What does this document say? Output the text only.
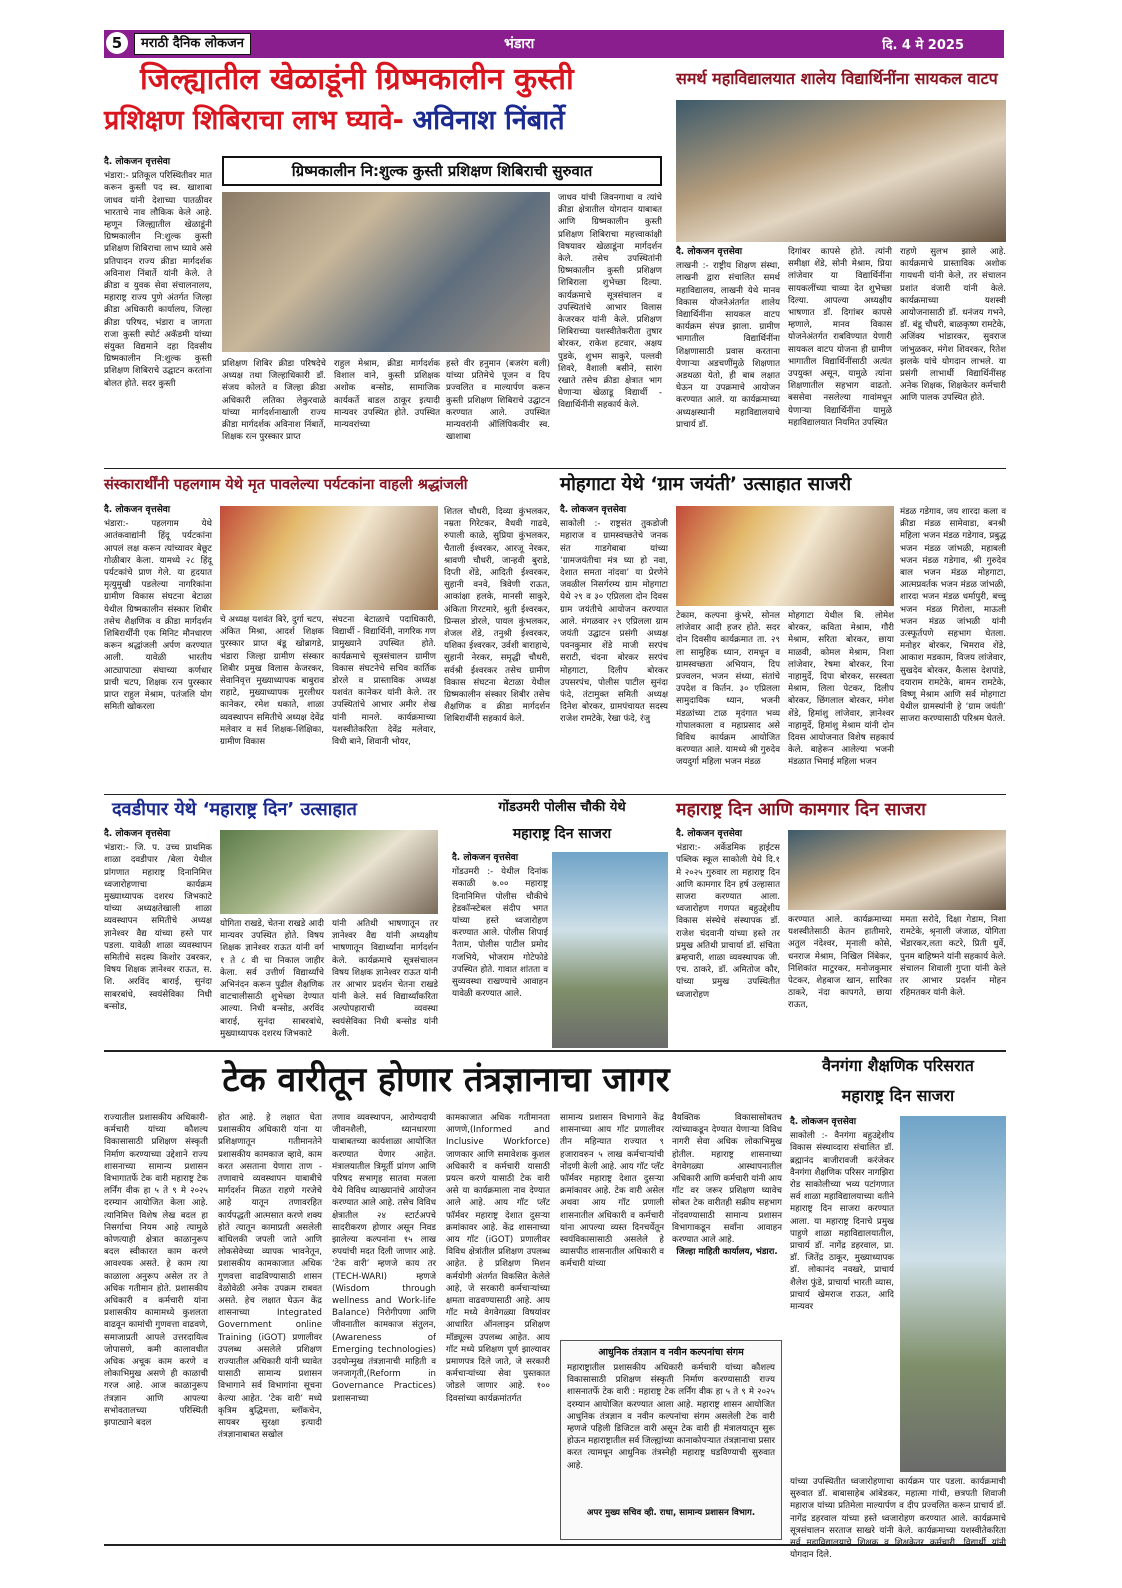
5	मराठी दैनिक लोकजन	भंडारा	दि. 4 मे 2025
जिल्ह्यातील खेळाडूंनी ग्रिष्मकालीन कुस्ती
प्रशिक्षण शिबिराचा लाभ घ्यावे- अविनाश निंबार्ते
ग्रिष्मकालीन नि:शुल्क कुस्ती प्रशिक्षण शिबिराची सुरुवात
दै. लोकजन वृत्तसेवा
भंडारा:- प्रतिकूल परिस्थितीवर मात करून कुस्ती पद स्व. खाशाबा जाधव यांनी देशाच्या पातळीवर भारताचे नाव लौकिक केले आहे. म्हणून जिल्ह्यातील खेळाडूंनी ग्रिष्मकालीन नि:शुल्क कुस्ती प्रशिक्षण शिबिराचा लाभ घ्यावे असे प्रतिपादन राज्य क्रीडा मार्गदर्शक अविनाश निंबार्ते यांनी केले. ते क्रीडा व युवक सेवा संचालनालय, महाराष्ट्र राज्य पुणे अंतर्गत जिल्हा क्रीडा अधिकारी कार्यालय, जिल्हा क्रीडा परिषद, भंडारा व जागता राजा कुस्ती स्पोर्ट अकॅडमी यांच्या संयुक्त विद्यमाने दहा दिवसीय ग्रिष्मकालीन नि:शुल्क कुस्ती प्रशिक्षण शिबिराचे उद्घाटन करतांना बोलत होते. सदर कुस्ती
प्रशिक्षण शिबिर क्रीडा परिषदेचे अध्यक्ष तथा जिल्हाधिकारी डॉ. संजय कोलते व जिल्हा क्रीडा अधिकारी लतिका लेकुरवाळे यांच्या मार्गदर्शनाखाली राज्य क्रीडा मार्गदर्शक अविनाश निंबार्ते, शिक्षक रत्न पुरस्कार प्राप्त
राहुल मेश्राम, क्रीडा मार्गदर्शक विशाल वाने, कुस्ती प्रशिक्षक अशोक बन्सोड, सामाजिक कार्यकर्ते बाडल ठाकूर इत्यादी मान्यवर उपस्थित होते. उपस्थित मान्यवरांच्या
हस्ते वीर हनुमान (बजरंग बली) यांच्या प्रतिमेचे पूजन व दिप प्रज्वलित व माल्यार्पण करून कुस्ती प्रशिक्षण शिबिराचे उद्घाटन करण्यात आले. उपस्थित मान्यवरांनी ऑलिंपिकवीर स्व. खाशाबा
जाधव यांची जिवनगाथा व त्यांचे क्रीडा क्षेत्रातील योगदान याबाबत आणि ग्रिष्मकालीन कुस्ती प्रशिक्षण शिबिराचा महत्त्वाकांक्षी विषयावर खेळाडूंना मार्गदर्शन केले. तसेच उपस्थितांनी ग्रिष्मकालीन कुस्ती प्रशिक्षण शिबिराला शुभेच्छा दिल्या. कार्यक्रमाचे सूत्रसंचालन व उपस्थितांचे आभार विलास केजरकर यांनी केले. प्रशिक्षण शिबिराच्या यशस्वीतेकरीता तुषार बोरकर, राकेश हटवार, अक्षय पुडके, शुभम साकुरे, पल्लवी शिवरे, वैशाली बसीने, सारंग रखाते तसेच क्रीडा क्षेत्रात भाग घेणाऱ्या खेळाडू विद्यार्थी - विद्यार्थिनींनी सहकार्य केले.
समर्थ महाविद्यालयात शालेय विद्यार्थिनींना सायकल वाटप
दै. लोकजन वृत्तसेवा
लाखनी :- राष्ट्रीय शिक्षण संस्था, लाखनी द्वारा संचालित समर्थ महाविद्यालय, लाखनी येथे मानव विकास योजनेअंतर्गत शालेय विद्यार्थिनींना सायकल वाटप कार्यक्रम संपन्न झाला. ग्रामीण भागातील विद्यार्थिनींना शिक्षणासाठी प्रवास करताना येणाऱ्या अडचणींमुळे शिक्षणात अडथळा येतो, ही बाब लक्षात घेऊन या उपक्रमाचे आयोजन करण्यात आले. या कार्यक्रमाच्या अध्यक्षस्थानी महाविद्यालयाचे प्राचार्य डॉ.
दिगांबर कापसे होते. त्यांनी समीक्षा शेंडे, सोनी मेश्राम, प्रिया लांजेवार या विद्यार्थिनींना सायकलींच्या चाव्या देत शुभेच्छा दिल्या. आपल्या अध्यक्षीय भाषणात डॉ. दिगांबर कापसे म्हणाले, मानव विकास योजनेअंतर्गत राबविण्यात येणारी सायकल वाटप योजना ही ग्रामीण भागातील विद्यार्थिनींसाठी अत्यंत उपयुक्त असून, यामुळे त्यांना शिक्षणातील सहभाग वाढतो. बससेवा नसलेल्या गावांमधून येणाऱ्या विद्यार्थिनींना यामुळे महाविद्यालयात नियमित उपस्थित
राहणे सुलभ झाले आहे. कार्यक्रमाचे प्रास्ताविक अशोक गायधनी यांनी केले, तर संचालन प्रशांत वंजारी यांनी केले. कार्यक्रमाच्या यशस्वी आयोजनासाठी डॉ. धनंजय गभने, डॉ. बंडू चौधरी, बाळकृष्ण रामटेके, अजिंक्य भांडारकर, सुवराज जांभुळकर, मंगेश शिवरकर, रितेश झलके यांचे योगदान लाभले. या प्रसंगी लाभार्थी विद्यार्थिनींसह अनेक शिक्षक, शिक्षकेतर कर्मचारी आणि पालक उपस्थित होते.
संस्कारार्थींनी पहलगाम येथे मृत पावलेल्या पर्यटकांना वाहली श्रद्धांजली
दै. लोकजन वृत्तसेवा
भंडारा:- पहलगाम येथे आतंकवाद्यांनी हिंदू पर्यटकांना आपलं लक्ष करून त्यांच्यावर बेछूट गोळीबार केला. यामध्ये २८ हिंदू पर्यटकांचे प्राण गेले. या हृदयात मृत्युमुखी पडलेल्या नागरिकांना ग्रामीण विकास संघटना बेटाळा येथील ग्रिष्मकालीन संस्कार शिबीर तसेच शैक्षणिक व क्रीडा मार्गदर्शन शिबिरार्थींनी एक मिनिट मौनधारण करून श्रद्धांजली अर्पण करण्यात आली. यावेळी भारतीय आट्यापाट्या संघाच्या कर्णधार प्राची चटप, शिक्षक रत्न पुरस्कार प्राप्त राहुल मेश्राम, पतंजलि योग समिती खोकरला
चे अध्यक्ष यशवंत बिरे, दुर्गा चटप, अंकित मिश्रा, आदर्श शिक्षक पुरस्कार प्राप्त बंडू खोब्रागडे, भंडारा जिल्हा ग्रामीण संस्कार शिबीर प्रमुख विलास केजरकर, सेवानिवृत्त मुख्याध्यापक बाबुराव राहाटे, मुख्याध्यापक मुरलीधर कानेकर, रमेश धकाते, शाळा व्यवस्थापन समितीचे अध्यक्ष देवेंद्र मलेवार व सर्व शिक्षक-शिक्षिका, ग्रामीण विकास
संघटना बेटाळाचे पदाधिकारी, विद्यार्थी - विद्यार्थिनी, नागरिक गण प्रामुख्याने उपस्थित होते. कार्यक्रमाचे सूत्रसंचालन ग्रामीण विकास संघटनेचे सचिव कार्तिक डोरले व प्रास्ताविक अध्यक्ष यशवंत कानेकर यांनी केले. तर उपस्थितांचे आभार अमीर शेख यांनी मानले. कार्यक्रमाच्या यशस्वीतेकरिता देवेंद्र मलेवार, विधी बाने, शिवानी भोयर,
शितल चौधरी, दिव्या कुंभलकर, नम्रता गिरेटकर, वैधवी गाढवे, रुपाली काळे, सुप्रिया कुंभलकर, चैताली ईश्वरकर, आरजू नेरकर, श्रावणी चौधरी, जान्हवी बुराडे, दिप्ती शेंडे, आदिती ईश्वरकर, सुहानी वनवे, त्रिवेणी राऊत, आकांक्षा हलके, मानसी साकुरे, अंकिता गिरटमारे, श्रुती ईश्वरकर, प्रिन्सल डोरले, पायल कुंभलकर, शेजल शेंडे, तनुश्री ईश्वरकर, यशिका ईश्वरकर, उर्वशी बाराहाथे, सुहानी नेरकर, समृद्धी चौधरी, सर्वश्री ईश्वरकर तसेच ग्रामीण विकास संघटना बेटाळा येथील ग्रिष्मकालीन संस्कार शिबीर तसेच शैक्षणिक व क्रीडा मार्गदर्शन शिबिरार्थींनी सहकार्य केले.
मोहगाटा येथे ‘ग्राम जयंती’ उत्साहात साजरी
दै. लोकजन वृत्तसेवा
साकोली :- राष्ट्रसंत तुकडोजी महाराज व ग्रामस्वच्छतेचे जनक संत गाडगेबाबा यांच्या ‘ग्रामजयंतीचा मंत्र घ्या हो नवा, देशात समता नांदवा’ या प्रेरणेने जवळील निसर्गरम्य ग्राम मोहगाटा येथे २९ व ३० एप्रिलला दोन दिवस ग्राम जयंतीचे आयोजन करण्यात आले. मंगळवार २९ एप्रिलला ग्राम जयंती उद्घाटन प्रसंगी अध्यक्ष पवनकुमार शेंडे माजी सरपंच सराटी, चंदना बोरकर सरपंच मोहगाटा, दिलीप बोरकर उपसरपंच, पोलीस पाटील सुनंदा फंदे, तंटामुक्त समिती अध्यक्ष दिनेश बोरकर, ग्रामपंचायत सदस्य राजेश रामटेके, रेखा फंदे, रंजु
टेकाम, कल्पना कुंभरे, सोनल लांजेवार आदी हजर होते. सदर दोन दिवसीय कार्यक्रमात ता. २९ ला सामुहिक ध्यान, रामधून व ग्रामस्वच्छता अभियान, दिप प्रज्वलन, भजन संध्या, संतांचे उपदेश व किर्तन. ३० एप्रिलला सामुदायिक ध्यान, भजनी मंडळांच्या टाळ मृदंगात भव्य गोपालकाला व महाप्रसाद असे विविध कार्यक्रम आयोजित करण्यात आले. यामध्ये श्री गुरुदेव जयदुर्गा महिला भजन मंडळ
मोहगाटा येथील बि. लोमेश बोरकर, कविता मेश्राम, गौरी मेश्राम, सरिता बोरकर, छाया माळवी, कोमल मेश्राम, निशा लांजेवार, रेषमा बोरकर, रिना नाहामुर्दे, दिपा बोरकर, सरस्वता मेश्राम, लिला पेटकर, दिलीप बोरकर, छिंगलाल बोरकर, मंगेश शेंडे, हिमांशु लांजेवार, ज्ञानेश्वर नाहामुर्दे, हिमांशु मेश्राम यांनी दोन दिवस आयोजनात विशेष सहकार्य केले. बाहेरून आलेल्या भजनी मंडळात भिमाई महिला भजन
मंडळ गडेगाव, जय शारदा कला व क्रीडा मंडळ सामेवाडा, बनश्री महिला भजन मंडळ गडेगाव, प्रबुद्ध भजन मंडळ जांभळी, महाबली भजन मंडळ गडेगाव, श्री गुरुदेव बाल भजन मंडळ मोहगाटा, आत्मप्रवर्तक भजन मंडळ जांभळी, शारदा भजन मंडळ धर्मापुरी, बच्चु भजन मंडळ गिरोला, माऊली भजन मंडळ जांभळी यांनी उत्स्फूर्तपणे सहभाग घेतला. मनोहर बोरकर, भिमराव शेंडे, आकाश मडकाम, विजय लांजेवार, सुखदेव बोरकर, कैलास देशपांडे, दयाराम रामटेके, बामन रामटेके, विष्णू मेश्राम आणि सर्व मोहगाटा येथील ग्रामस्थांनी हे ‘ग्राम जयंती’ साजरा करण्यासाठी परिश्रम घेतले.
दवडीपार येथे ‘महाराष्ट्र दिन’ उत्साहात
दै. लोकजन वृत्तसेवा
भंडारा:- जि. प. उच्च प्राथमिक शाळा दवडीपार /बेला येथील प्रांगणात महाराष्ट्र दिनानिमित्त ध्वजारोहणाचा कार्यक्रम मुख्याध्यापक दशरथ जिभकाटे यांच्या अध्यक्षतेखाली शाळा व्यवस्थापन समितीचे अध्यक्ष ज्ञानेश्वर वैद्य यांच्या हस्ते पार पडला. यावेळी शाळा व्यवस्थापन समितीचे सदस्य किशोर उबरकर, विषय शिक्षक ज्ञानेश्वर राऊत, स. शि. अरविंद बाराई, सुनंदा साबरबांधे, स्वयंसेविका निधी बन्सोड,
योगिता राखडे, चेतना राखडे आदी मान्यवर उपस्थित होते. विषय शिक्षक ज्ञानेश्वर राऊत यांनी वर्ग १ ते ८ वी चा निकाल जाहीर केला. सर्व उत्तीर्ण विद्यार्थ्यांचे अभिनंदन करून पुढील शैक्षणिक वाटचालीसाठी शुभेच्छा देण्यात आल्या. निधी बन्सोड, अरविंद बाराई, सुनंदा साबरबांधे, मुख्याध्यापक दशरथ जिभकाटे
यांनी अतिथी भाषणातून तर ज्ञानेश्वर वैद्य यांनी अध्यक्षीय भाषणातून विद्यार्थ्यांना मार्गदर्शन केले. कार्यक्रमाचे सूत्रसंचालन विषय शिक्षक ज्ञानेश्वर राऊत यांनी तर आभार प्रदर्शन चेतना राखडे यांनी केले. सर्व विद्यार्थ्यांकरिता अल्पोपहाराची व्यवस्था स्वयंसेविका निधी बन्सोड यांनी केली.
गोंडउमरी पोलीस चौकी येथे
महाराष्ट्र दिन साजरा
दै. लोकजन वृत्तसेवा
गोंडउमरी :- येथील दिनांक सकाळी ७.०० महाराष्ट्र दिनानिमित्त पोलीस चौकीचे हेडकॉन्स्टेबल संदीप भगत यांच्या हस्ते ध्वजारोहण करण्यात आले. पोलीस शिपाई नैताम, पोलीस पाटील प्रमोद गजभिये, भोजराम गोटेफोडे उपस्थित होते. गावात शांतता व सुव्यवस्था राखण्याचे आवाहन यावेळी करण्यात आले.
महाराष्ट्र दिन आणि कामगार दिन साजरा
दै. लोकजन वृत्तसेवा
भंडारा:- अर्केडमिक हाईटस पब्लिक स्कूल साकोली येथे दि.१ मे २०२५ गुरुवार ला महाराष्ट्र दिन आणि कामगार दिन हर्ष उल्हासात साजरा करण्यात आला. ध्वजारोहण गणपत बहुउद्देशीय विकास संस्थेचे संस्थापक डॉ. राजेश चंदवानी यांच्या हस्ते तर प्रमुख अतिथी प्राचार्या डॉ. संचिता ब्रम्हचारी, शाळा व्यवस्थापक जी. एच. ठाकरे, डॉ. अमितोज कौर, यांच्या प्रमुख उपस्थितीत ध्वजारोहण
करण्यात आले. कार्यक्रमाच्या यशस्वीतेसाठी केतन हातीमारे, अतुल नंदेश्वर, मृनाली कोसे, धनराज मेश्राम, निखिल निंबेकर, निशिकांत माटुरकर, मनोजकुमार पेटकर, शेहबाज खान, सारिका ठाकरे, नंदा कापगते, छाया राऊत,
ममता सरोदे, दिक्षा गेडाम, निशा रामटेके, श्रृनाली जंजाळ, योगिता भेंडारकर,लता कटरे, प्रिती धुर्वे, पुनम बाहिष्मने यांनी सहकार्य केले. संचालन शिवाली गुप्ता यांनी केले तर आभार प्रदर्शन मोहन रहिमतकर यांनी केले.
टेक वारीतून होणार तंत्रज्ञानाचा जागर
राज्यातील प्रशासकीय अधिकारी-कर्मचारी यांच्या कौशल्य विकासासाठी प्रशिक्षण संस्कृती निर्माण करण्याच्या उद्देशाने राज्य शासनाच्या सामान्य प्रशासन विभागातर्फे टेक वारी महाराष्ट्र टेक लर्निंग वीक हा ५ ते ९ मे २०२५ दरम्यान आयोजित केला आहे. त्यानिमित्त विशेष लेख बदल हा निसर्गाचा नियम आहे त्यामुळे कोणत्याही क्षेत्रात काळानुरूप बदल स्वीकारत काम करणे आवश्यक असते. हे काम त्या काळाला अनुरूप असेल तर ते अधिक गतीमान होते. प्रशासकीय अधिकारी व कर्मचारी यांना प्रशासकीय कामामध्ये कुशलता वाढवून कामांची गुणवत्ता वाढवणे, समाजाप्रती आपले उत्तरदायित्व जोपासणे, कमी कालावधीत अधिक अचूक काम करणे व लोकाभिमुख असणे ही काळाची गरज आहे. आज काळानुरूप तंत्रज्ञान आणि आपल्या सभोवतालच्या परिस्थिती झपाट्याने बदल
होत आहे. हे लक्षात घेता प्रशासकीय अधिकारी यांना या प्रशिक्षणातून गतीमानतेने प्रशासकीय कामकाज व्हावे, काम करत असताना येणारा ताण - तणावाचे व्यवस्थापन याबाबीचे मार्गदर्शन मिळत राहणे गरजेचे आहे यातून तणावरहित कार्यपद्धती आत्मसात करणे शक्य होते त्यातून कामाप्रती असलेली बांधिलकी जपली जाते आणि लोकसेवेच्या व्यापक भावनेतून, प्रशासकीय कामकाजात अधिक गुणवत्ता वाढविण्यासाठी शासन वेळोवेळी अनेक उपक्रम राबवत असते. हेच लक्षात घेऊन केंद्र शासनाच्या Integrated Government online Training (iGOT) प्रणालीवर उपलब्ध असलेले प्रशिक्षण राज्यातील अधिकारी यांनी घ्यावेत यासाठी सामान्य प्रशासन विभागाने सर्व विभागांना सूचना केल्या आहेत. ‘टेक वारी’ मध्ये कृत्रिम बुद्धिमत्ता, ब्लॉकचेन, सायबर सुरक्षा इत्यादी तंत्रज्ञानाबाबत सखोल
तणाव व्यवस्थापन, आरोग्यदायी जीवनशैली, ध्यानधारणा याबाबतच्या कार्यशाळा आयोजित करण्यात येणार आहेत. मंत्रालयातील त्रिमूर्ती प्रांगण आणि परिषद सभागृह सातवा मजला येथे विविध व्याख्यानांचे आयोजन करण्यात आले आहे. तसेच विविध क्षेत्रातील २४ स्टार्टअपचे सादरीकरण होणार असून निवड झालेल्या कल्पनांना १५ लाख रुपयांची मदत दिली जाणार आहे. ‘टेक वारी’ म्हणजे काय तर (TECH-WARI) म्हणजे (Wisdom through wellness and Work-life Balance) निरोगीपणा आणि जीवनातील कामकाज संतुलन,(Awareness of Emerging technologies) उदयोन्मुख तंत्रज्ञानाची माहिती व जनजागृती,(Reform in Governance Practices) प्रशासनाच्या
कामकाजात अधिक गतीमानता आणणे,(Informed and Inclusive Workforce) जाणकार आणि समावेशक कुशल अधिकारी व कर्मचारी यासाठी प्रयत्न करणे यासाठी टेक वारी असे या कार्यक्रमाला नाव देण्यात आले आहे. आय गॉट प्लॅट फॉर्मवर महाराष्ट्र देशात दुसऱ्या क्रमांकावर आहे. केंद्र शासनाच्या आय गॉट (iGOT) प्रणालीवर विविध क्षेत्रांतील प्रशिक्षण उपलब्ध आहेत. हे प्रशिक्षण मिशन कर्मयोगी अंतर्गत विकसित केलेले आहे, जे सरकारी कर्मचाऱ्यांच्या क्षमता वाढवण्यासाठी आहे. आय गॉट मध्ये वेगवेगळ्या विषयांवर आधारित ऑनलाइन प्रशिक्षण मॉड्यूल्स उपलब्ध आहेत. आय गॉट मध्ये प्रशिक्षण पूर्ण झाल्यावर प्रमाणपत्र दिले जाते, जे सरकारी कर्मचाऱ्यांच्या सेवा पुस्तकात जोडले जाणार आहे. १०० दिवसांच्या कार्यक्रमांतर्गत
सामान्य प्रशासन विभागाने केंद्र शासनाच्या आय गॉट प्रणालीवर तीन महिन्यात राज्यात ९ हजारावरुन ५ लाख कर्मचाऱ्यांची नोंदणी केली आहे. आय गॉट प्लॅट फॉर्मवर महाराष्ट्र देशात दुसऱ्या क्रमांकावर आहे. टेक वारी असेल अथवा आय गॉट प्रणाली शासनातील अधिकारी व कर्मचारी यांना आपल्या व्यस्त दिनचर्येतून स्वयंविकासासाठी असलेले हे व्यासपीठ शासनातील अधिकारी व कर्मचारी यांच्या
वैयक्तिक विकासासोबतच त्यांच्याकडून देण्यात येणाऱ्या विविध नागरी सेवा अधिक लोकाभिमुख होतील. महाराष्ट्र शासनाच्या वेगवेगळ्या आस्थापनातील अधिकारी आणि कर्मचारी यांनी आय गॉट वर जरूर प्रशिक्षण घ्यावेच सोबत टेक वारीतही सक्रीय सहभाग नोंदवण्यासाठी सामान्य प्रशासन विभागाकडून सर्वांना आवाहन करण्यात आले आहे.
जिल्हा माहिती कार्यालय, भंडारा.
आधुनिक तंत्रज्ञान व नवीन कल्पनांचा संगम
महाराष्ट्रातील प्रशासकीय अधिकारी कर्मचारी यांच्या कौशल्य विकासासाठी प्रशिक्षण संस्कृती निर्माण करण्यासाठी राज्य शासनातर्फे टेक वारी : महाराष्ट्र टेक लर्निंग वीक हा ५ ते ९ मे २०२५ दरम्यान आयोजित करण्यात आला आहे. महाराष्ट्र शासन आयोजित आधुनिक तंत्रज्ञान व नवीन कल्पनांचा संगम असलेली टेक वारी म्हणजे पहिली डिजिटल वारी असून टेक वारी ही मंत्रालयातून सुरू होऊन महाराष्ट्रातील सर्व जिल्ह्यांच्या कानाकोपऱ्यात तंत्रज्ञानाचा प्रसार करत त्यामधून आधुनिक तंत्रस्नेही महाराष्ट्र घडविण्याची सुरुवात आहे.
अपर मुख्य सचिव व्ही. राधा, सामान्य प्रशासन विभाग.
वैनगंगा शैक्षणिक परिसरात
महाराष्ट्र दिन साजरा
दै. लोकजन वृत्तसेवा
साकोली :- वैनगंगा बहुउद्देशीय विकास संस्थाव्दारा संचालित डॉ. ब्रह्मानंद बाजीरावजी करंजेकर वैनगंगा शैक्षणिक परिसर नागझिरा रोड साकोलीच्या भव्य पटांगणात सर्व शाळा महाविद्यालयाच्या वतीने महाराष्ट्र दिन साजरा करण्यात आला. या महाराष्ट्र दिनाचे प्रमुख पाहुणे शाळा महाविद्यालयातील, प्राचार्य डॉ. नागेंद्र डहरवाल, प्रा. डॉ. जितेंद्र ठाकूर, मुख्याध्यापक डॉ. लोकानंद नवखरे, प्राचार्य शैलेश फुंडे, प्राचार्या भारती व्यास, प्राचार्य खेमराज राऊत, आदि मान्यवर
यांच्या उपस्थितीत ध्वजारोहणाचा कार्यक्रम पार पडला. कार्यक्रमाची सुरुवात डॉ. बाबासाहेब आंबेडकर, महात्मा गांधी, छत्रपती शिवाजी महाराज यांच्या प्रतिमेला माल्यार्पण व दीप प्रज्वलित करून प्राचार्य डॉ. नागेंद्र डहरवाल यांच्या हस्ते ध्वजारोहण करण्यात आले. कार्यक्रमाचे सूत्रसंचालन सरताज साखरे यांनी केले. कार्यक्रमाच्या यशस्वीतेकरिता योगदान दिले.
